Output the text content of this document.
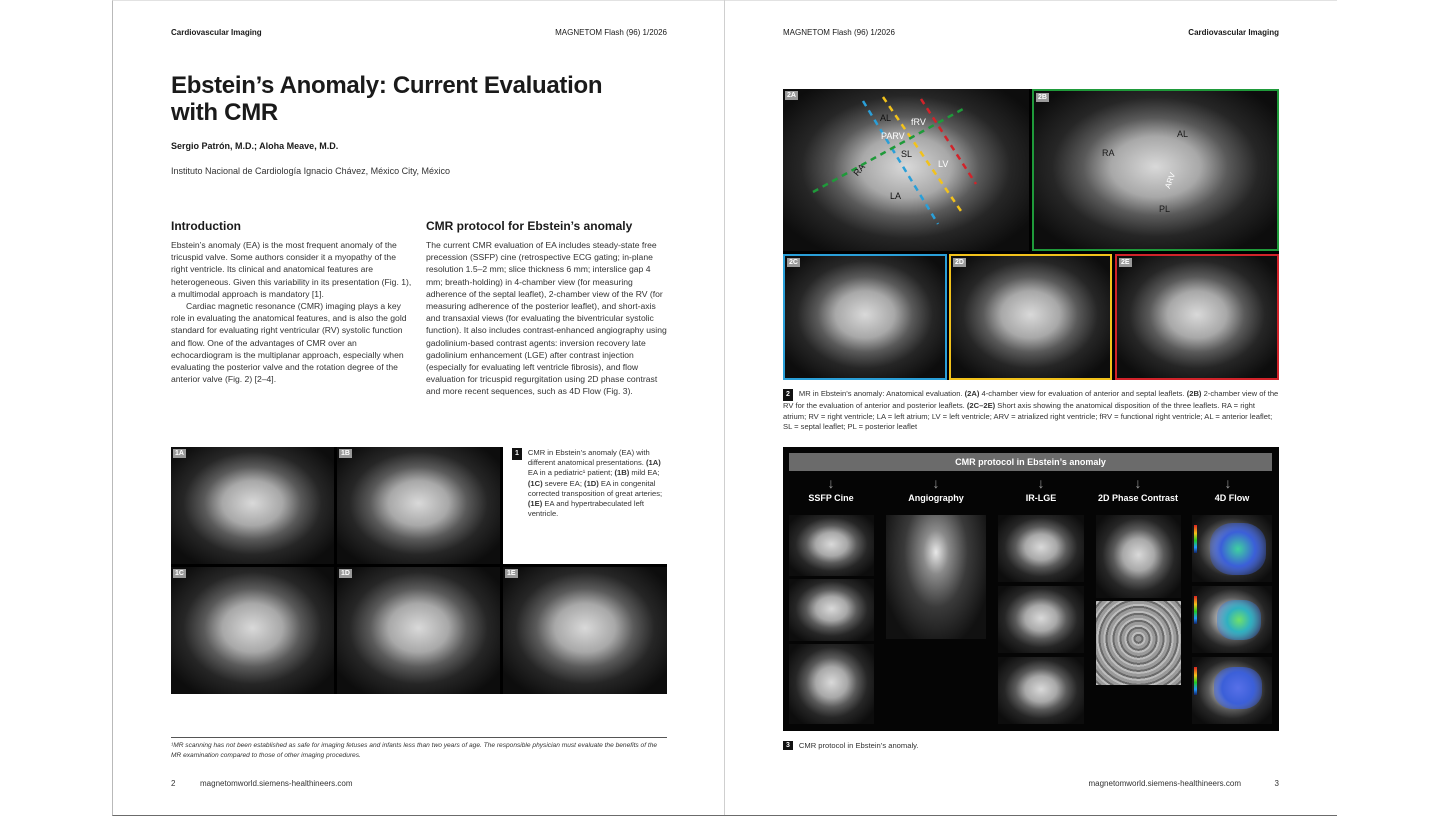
Cardiovascular Imaging	MAGNETOM Flash (96) 1/2026
Ebstein’s Anomaly: Current Evaluation with CMR
Sergio Patrón, M.D.; Aloha Meave, M.D.
Instituto Nacional de Cardiología Ignacio Chávez, México City, México
Introduction

Ebstein’s anomaly (EA) is the most frequent anomaly of the tricuspid valve. Some authors consider it a myopathy of the right ventricle. Its clinical and anatomical features are heterogeneous. Given this variability in its presentation (Fig. 1), a multimodal approach is mandatory [1].

Cardiac magnetic resonance (CMR) imaging plays a key role in evaluating the anatomical features, and is also the gold standard for evaluating right ventricular (RV) systolic function and flow. One of the advantages of CMR over an echocardiogram is the multiplanar approach, especially when evaluating the posterior valve and the rotation degree of the anterior valve (Fig. 2) [2–4].

CMR protocol for Ebstein’s anomaly

The current CMR evaluation of EA includes steady-state free precession (SSFP) cine (retrospective ECG gating; in-plane resolution 1.5–2 mm; slice thickness 6 mm; interslice gap 4 mm; breath-holding) in 4-chamber view (for measuring adherence of the septal leaflet), 2-chamber view of the RV (for measuring adherence of the posterior leaflet), and short-axis and transaxial views (for evaluating the biventricular systolic function). It also includes contrast-enhanced angiography using gadolinium-based contrast agents: inversion recovery late gadolinium enhancement (LGE) after contrast injection (especially for evaluating left ventricle fibrosis), and flow evaluation for tricuspid regurgitation using 2D phase contrast and more recent sequences, such as 4D Flow (Fig. 3).

1A	1B
1C	1D	1E
1 CMR in Ebstein’s anomaly (EA) with different anatomical presentations. (1A) EA in a pediatric¹ patient; (1B) mild EA; (1C) severe EA; (1D) EA in congenital corrected transposition of great arteries; (1E) EA and hypertrabeculated left ventricle.
¹MR scanning has not been established as safe for imaging fetuses and infants less than two years of age. The responsible physician must evaluate the benefits of the MR examination compared to those of other imaging procedures.
2	magnetomworld.siemens-healthineers.com
MAGNETOM Flash (96) 1/2026	Cardiovascular Imaging
2A
AL fRV
PARV
SL
RA	LV
LA
2B
RA
AL
ARV
PL
2C	2D	2E
2 MR in Ebstein’s anomaly: Anatomical evaluation. (2A) 4-chamber view for evaluation of anterior and septal leaflets. (2B) 2-chamber view of the RV for the evaluation of anterior and posterior leaflets. (2C–2E) Short axis showing the anatomical disposition of the three leaflets. RA = right atrium; RV = right ventricle; LA = left atrium; LV = left ventricle; ARV = atrialized right ventricle; fRV = functional right ventricle; AL = anterior leaflet; SL = septal leaflet; PL = posterior leaflet
CMR protocol in Ebstein’s anomaly
↓	↓	↓	↓	↓
SSFP Cine	Angiography	IR-LGE	2D Phase Contrast	4D Flow
3 CMR protocol in Ebstein’s anomaly.
magnetomworld.siemens-healthineers.com	3
